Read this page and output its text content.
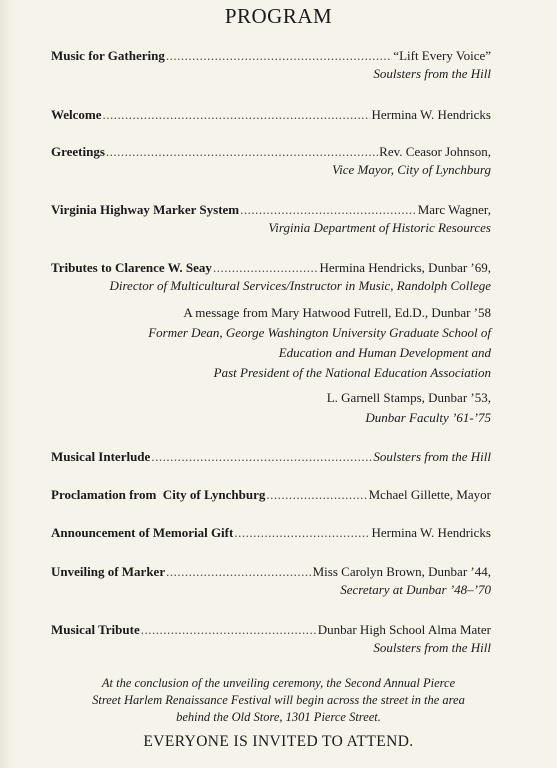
PROGRAM
Music for Gathering .....	“Lift Every Voice”
Soulsters from the Hill
Welcome .....	Hermina W. Hendricks
Greetings .....	Rev. Ceasor Johnson,
Vice Mayor, City of Lynchburg
Virginia Highway Marker System .....	Marc Wagner,
Virginia Department of Historic Resources
Tributes to Clarence W. Seay .....	Hermina Hendricks, Dunbar ’69,
Director of Multicultural Services/Instructor in Music, Randolph College
A message from Mary Hatwood Futrell, Ed.D., Dunbar ’58
Former Dean, George Washington University Graduate School of
Education and Human Development and
Past President of the National Education Association
L. Garnell Stamps, Dunbar ’53,
Dunbar Faculty ’61-’75
Musical Interlude .....	Soulsters from the Hill
Proclamation from  City of Lynchburg .....	Mchael Gillette, Mayor
Announcement of Memorial Gift .....	Hermina W. Hendricks
Unveiling of Marker .....	Miss Carolyn Brown, Dunbar ’44,
Secretary at Dunbar ’48–’70
Musical Tribute .....	Dunbar High School Alma Mater
Soulsters from the Hill
At the conclusion of the unveiling ceremony, the Second Annual Pierce
Street Harlem Renaissance Festival will begin across the street in the area
behind the Old Store, 1301 Pierce Street.
EVERYONE IS INVITED TO ATTEND.
